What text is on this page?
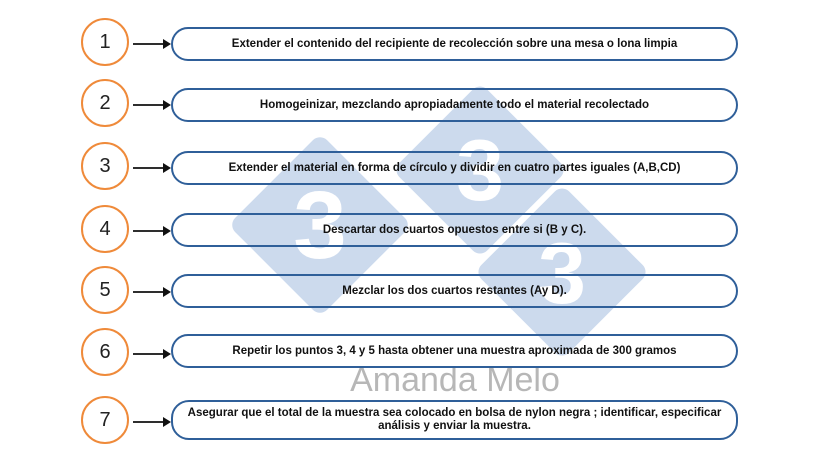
3
3
3
Amanda Melo
1	Extender el contenido del recipiente de recolección sobre una mesa o lona limpia
2	Homogeinizar, mezclando apropiadamente todo el material recolectado
3	Extender el material en forma de círculo y dividir en cuatro partes iguales (A,B,CD)
4	Descartar dos cuartos opuestos entre si (B y C).
5	Mezclar los dos cuartos restantes (Ay D).
6	Repetir los puntos 3, 4 y 5 hasta obtener una muestra aproximada de 300 gramos
7	Asegurar que el total de la muestra sea colocado en bolsa de nylon negra ; identificar, especificar análisis y enviar la muestra.
